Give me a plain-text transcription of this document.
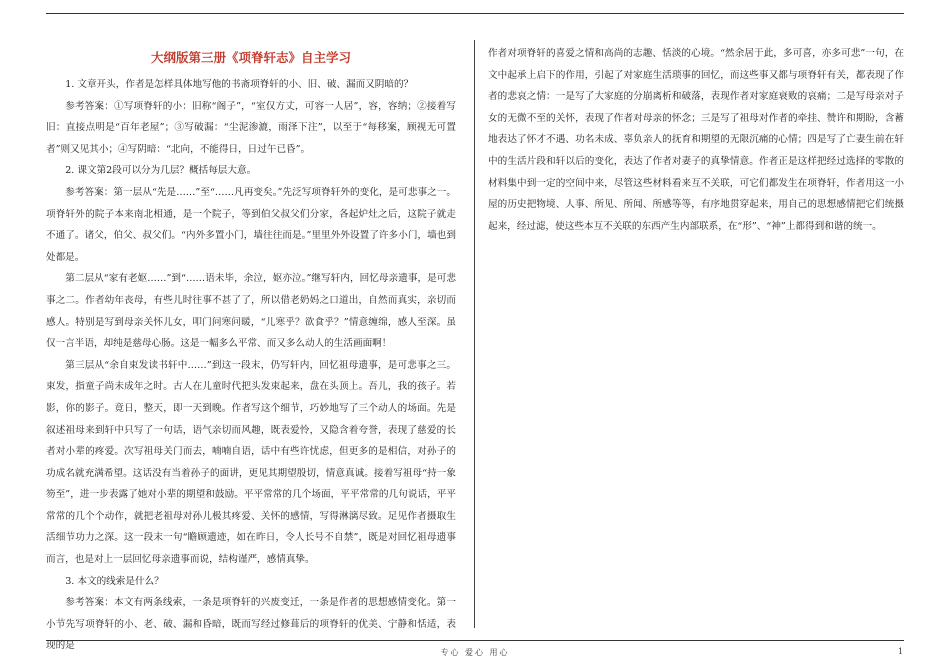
大纲版第三册《项脊轩志》自主学习

1. 文章开头，作者是怎样具体地写他的书斋项脊轩的小、旧、破、漏而又阴暗的？

参考答案：①写项脊轩的小：旧称“阁子”，“室仅方丈，可容一人居”，容，容纳；②接着写旧：直接点明是“百年老屋”；③写破漏：“尘泥渗漉，雨泽下注”，以至于“每移案，顾视无可置者”则又见其小；④写阴暗：“北向，不能得日，日过午已昏”。

2. 课文第2段可以分为几层？概括每层大意。

参考答案：第一层从“先是……”至“……凡再变矣。”先泛写项脊轩外的变化，是可悲事之一。项脊轩外的院子本来南北相通，是一个院子，等到伯父叔父们分家，各起炉灶之后，这院子就走不通了。诸父，伯父、叔父们。“内外多置小门，墙往往而是。”里里外外设置了许多小门，墙也到处都是。

第二层从“家有老妪……”到“……语未毕，余泣，妪亦泣。”继写轩内，回忆母亲遗事，是可悲事之二。作者幼年丧母，有些儿时往事不甚了了，所以借老奶妈之口道出，自然而真实，亲切而感人。特别是写到母亲关怀儿女，叩门问寒问暖，“儿寒乎？欲食乎？”情意缠绵，感人至深。虽仅一言半语，却纯是慈母心肠。这是一幅多么平常、而又多么动人的生活画面啊！

第三层从“余自束发读书轩中……”到这一段末，仍写轩内，回忆祖母遗事，是可悲事之三。束发，指童子尚未成年之时。古人在儿童时代把头发束起来，盘在头顶上。吾儿，我的孩子。若影，你的影子。竟日，整天，即一天到晚。作者写这个细节，巧妙地写了三个动人的场面。先是叙述祖母来到轩中只写了一句话，语气亲切而风趣，既表爱怜，又隐含着夸誉，表现了慈爱的长者对小辈的疼爱。次写祖母关门而去，喃喃自语，话中有些许忧虑，但更多的是相信，对孙子的功成名就充满希望。这话没有当着孙子的面讲，更见其期望殷切，情意真诚。接着写祖母“持一象笏至”，进一步表露了她对小辈的期望和鼓励。平平常常的几个场面，平平常常的几句说话，平平常常的几个个动作，就把老祖母对孙儿极其疼爱、关怀的感情，写得淋漓尽致。足见作者摄取生活细节功力之深。这一段末一句“瞻顾遗迹，如在昨日，令人长号不自禁”，既是对回忆祖母遗事而言，也是对上一层回忆母亲遗事而说，结构谨严，感情真挚。

3. 本文的线索是什么？

参考答案：本文有两条线索，一条是项脊轩的兴废变迁，一条是作者的思想感情变化。第一小节先写项脊轩的小、老、破、漏和昏暗，既而写经过修葺后的项脊轩的优美、宁静和恬适，表现的是

作者对项脊轩的喜爱之情和高尚的志趣、恬淡的心境。“然余居于此，多可喜，亦多可悲”一句，在文中起承上启下的作用，引起了对家庭生活琐事的回忆，而这些事又都与项脊轩有关，都表现了作者的悲哀之情：一是写了大家庭的分崩离析和破落，表现作者对家庭衰败的哀痛；二是写母亲对子女的无微不至的关怀，表现了作者对母亲的怀念；三是写了祖母对作者的牵挂、赞许和期盼，含蓄地表达了怀才不遇、功名未成、辜负亲人的抚育和期望的无限沉痛的心情；四是写了亡妻生前在轩中的生活片段和轩以后的变化，表达了作者对妻子的真挚情意。作者正是这样把经过选择的零散的材料集中到一定的空间中来，尽管这些材料看来互不关联，可它们都发生在项脊轩，作者用这一小屋的历史把物境、人事、所见、所闻、所感等等，有序地贯穿起来，用自己的思想感情把它们统摄起来，经过滤，使这些本互不关联的东西产生内部联系，在“形”、“神”上都得到和谐的统一。

专心 爱心 用心	1
